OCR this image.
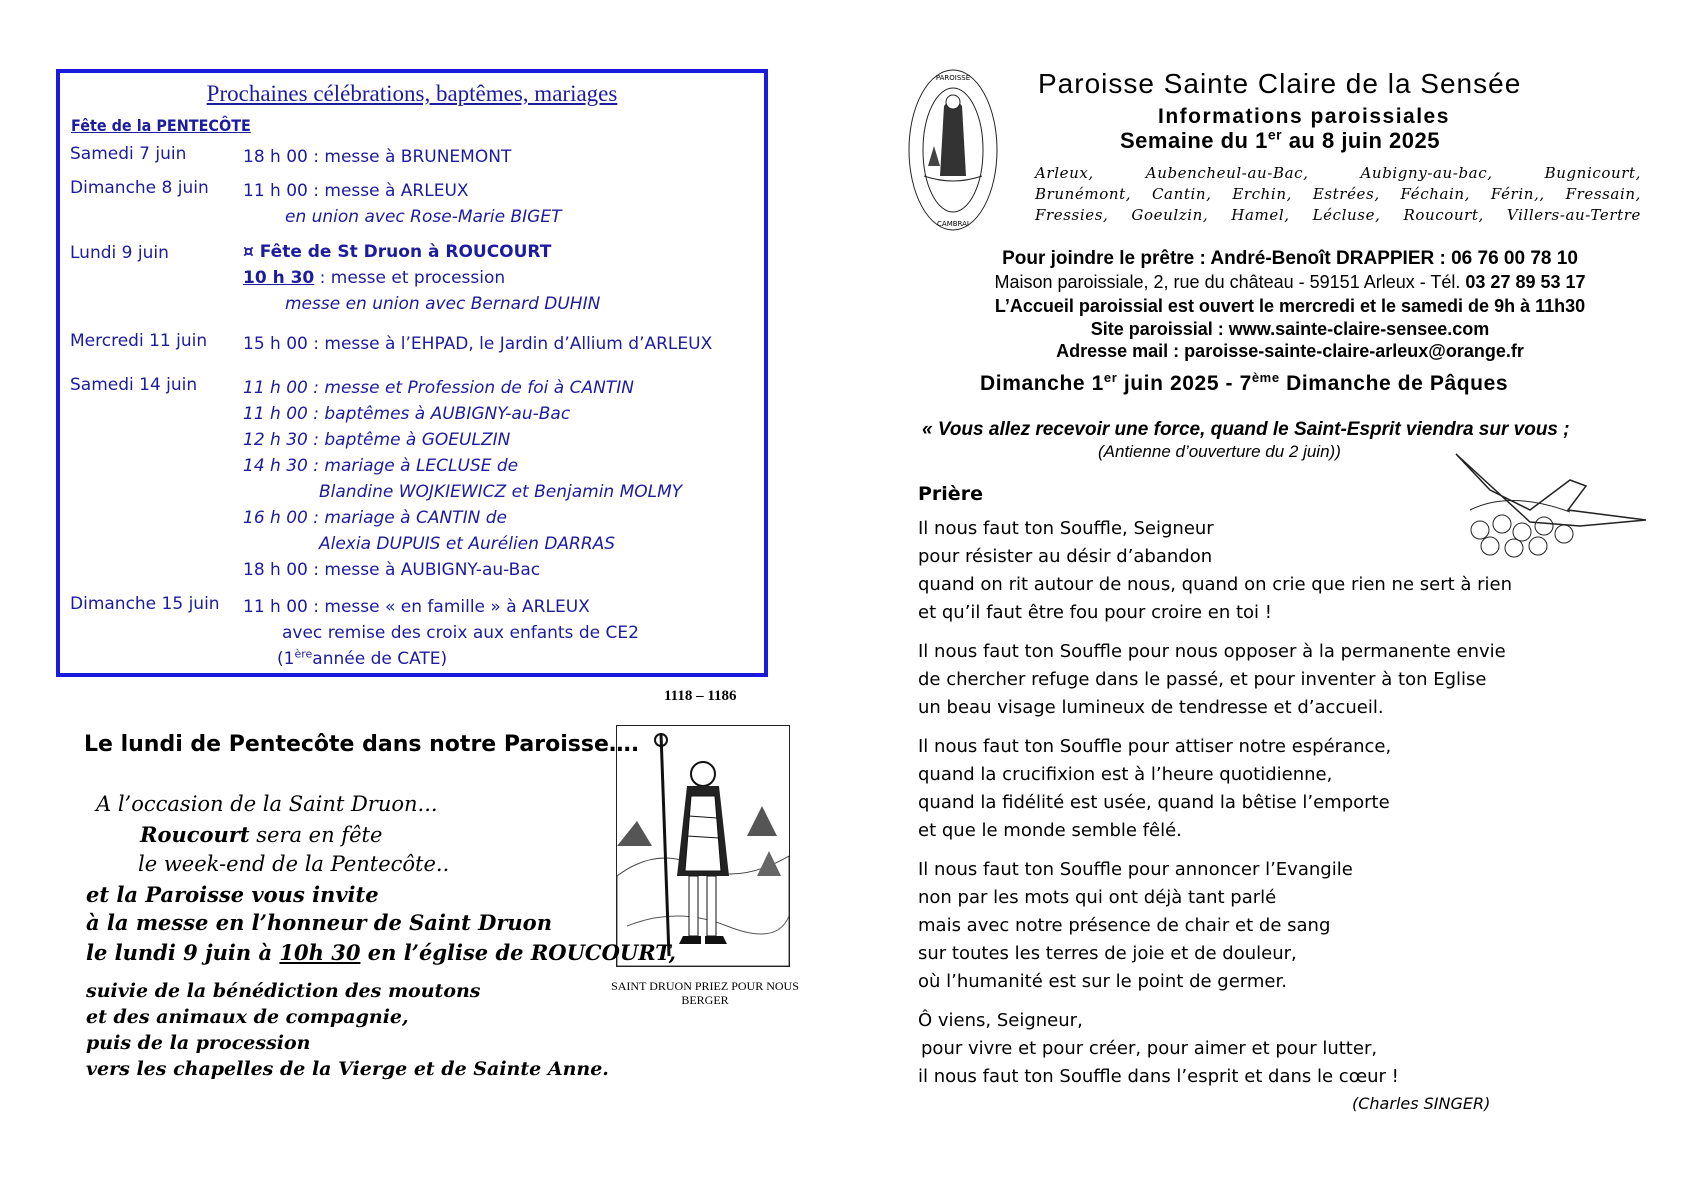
Prochaines célébrations, baptêmes, mariages
Fête de la PENTECÔTE
Samedi 7 juin	18 h 00 : messe à BRUNEMONT
Dimanche 8 juin 11 h 00 : messe à ARLEUX
en union avec Rose-Marie BIGET
Lundi 9 juin	¤ Fête de St Druon à ROUCOURT
10 h 30 : messe et procession
messe en union avec Bernard DUHIN
Mercredi 11 juin 15 h 00 : messe à l’EHPAD, le Jardin d’Allium d’ARLEUX
Samedi 14 juin	11 h 00 : messe et Profession de foi à CANTIN
11 h 00 : baptêmes à AUBIGNY-au-Bac
12 h 30 : baptême à GOEULZIN
14 h 30 : mariage à LECLUSE de
Blandine WOJKIEWICZ et Benjamin MOLMY
16 h 00 : mariage à CANTIN de
Alexia DUPUIS et Aurélien DARRAS
18 h 00 : messe à AUBIGNY-au-Bac
Dimanche 15 juin 11 h 00 : messe « en famille » à ARLEUX
avec remise des croix aux enfants de CE2
(1èreannée de CATE)
1118 – 1186
SAINT DRUON PRIEZ POUR NOUS
BERGER
Le lundi de Pentecôte dans notre Paroisse….
A l’occasion de la Saint Druon...
Roucourt sera en fête
le week-end de la Pentecôte..
et la Paroisse vous invite
à la messe en l’honneur de Saint Druon
le lundi 9 juin à 10h 30 en l’église de ROUCOURT,
suivie de la bénédiction des moutons
et des animaux de compagnie,
puis de la procession
vers les chapelles de la Vierge et de Sainte Anne.
PAROISSE
CAMBRAI
Paroisse Sainte Claire de la Sensée
Informations paroissiales
Semaine du 1er au 8 juin 2025
Arleux, Aubencheul-au-Bac, Aubigny-au-bac, Bugnicourt,
Brunémont, Cantin, Erchin, Estrées, Féchain, Férin,, Fressain,
Fressies, Goeulzin, Hamel, Lécluse, Roucourt, Villers-au-Tertre
Pour joindre le prêtre : André-Benoît DRAPPIER : 06 76 00 78 10
Maison paroissiale, 2, rue du château - 59151 Arleux - Tél. 03 27 89 53 17
L’Accueil paroissial est ouvert le mercredi et le samedi de 9h à 11h30
Site paroissial : www.sainte-claire-sensee.com
Adresse mail : paroisse-sainte-claire-arleux@orange.fr
Dimanche 1er juin 2025 - 7ème Dimanche de Pâques
« Vous allez recevoir une force, quand le Saint-Esprit viendra sur vous ;
(Antienne d’ouverture du 2 juin))
Prière
Il nous faut ton Souffle, Seigneur
pour résister au désir d’abandon
quand on rit autour de nous, quand on crie que rien ne sert à rien
et qu’il faut être fou pour croire en toi !
Il nous faut ton Souffle pour nous opposer à la permanente envie
de chercher refuge dans le passé, et pour inventer à ton Eglise
un beau visage lumineux de tendresse et d’accueil.
Il nous faut ton Souffle pour attiser notre espérance,
quand la crucifixion est à l’heure quotidienne,
quand la fidélité est usée, quand la bêtise l’emporte
et que le monde semble fêlé.
Il nous faut ton Souffle pour annoncer l’Evangile
non par les mots qui ont déjà tant parlé
mais avec notre présence de chair et de sang
sur toutes les terres de joie et de douleur,
où l’humanité est sur le point de germer.
Ô viens, Seigneur,
pour vivre et pour créer, pour aimer et pour lutter,
il nous faut ton Souffle dans l’esprit et dans le cœur !
(Charles SINGER)
